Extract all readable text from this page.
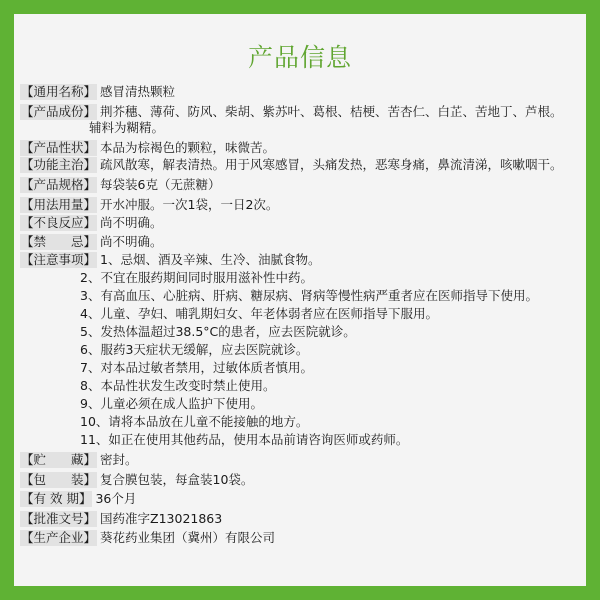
产品信息
【通用名称】 感冒清热颗粒
【产品成份】 荆芥穗、薄荷、防风、柴胡、紫苏叶、葛根、桔梗、苦杏仁、白芷、苦地丁、芦根。
辅料为糊精。
【产品性状】 本品为棕褐色的颗粒，味微苦。
【功能主治】 疏风散寒，解表清热。用于风寒感冒，头痛发热，恶寒身痛，鼻流清涕，咳嗽咽干。
【产品规格】 每袋装6克（无蔗糖）
【用法用量】 开水冲服。一次1袋，一日2次。
【不良反应】 尚不明确。
【禁　　忌】 尚不明确。
【注意事项】 1、忌烟、酒及辛辣、生冷、油腻食物。
2、不宜在服药期间同时服用滋补性中药。
3、有高血压、心脏病、肝病、糖尿病、肾病等慢性病严重者应在医师指导下使用。
4、儿童、孕妇、哺乳期妇女、年老体弱者应在医师指导下服用。
5、发热体温超过38.5°C的患者，应去医院就诊。
6、服药3天症状无缓解，应去医院就诊。
7、对本品过敏者禁用，过敏体质者慎用。
8、本品性状发生改变时禁止使用。
9、儿童必须在成人监护下使用。
10、请将本品放在儿童不能接触的地方。
11、如正在使用其他药品，使用本品前请咨询医师或药师。
【贮　　藏】 密封。
【包　　装】 复合膜包装，每盒装10袋。
【有 效 期】 36个月
【批准文号】 国药准字Z13021863
【生产企业】 葵花药业集团（冀州）有限公司
